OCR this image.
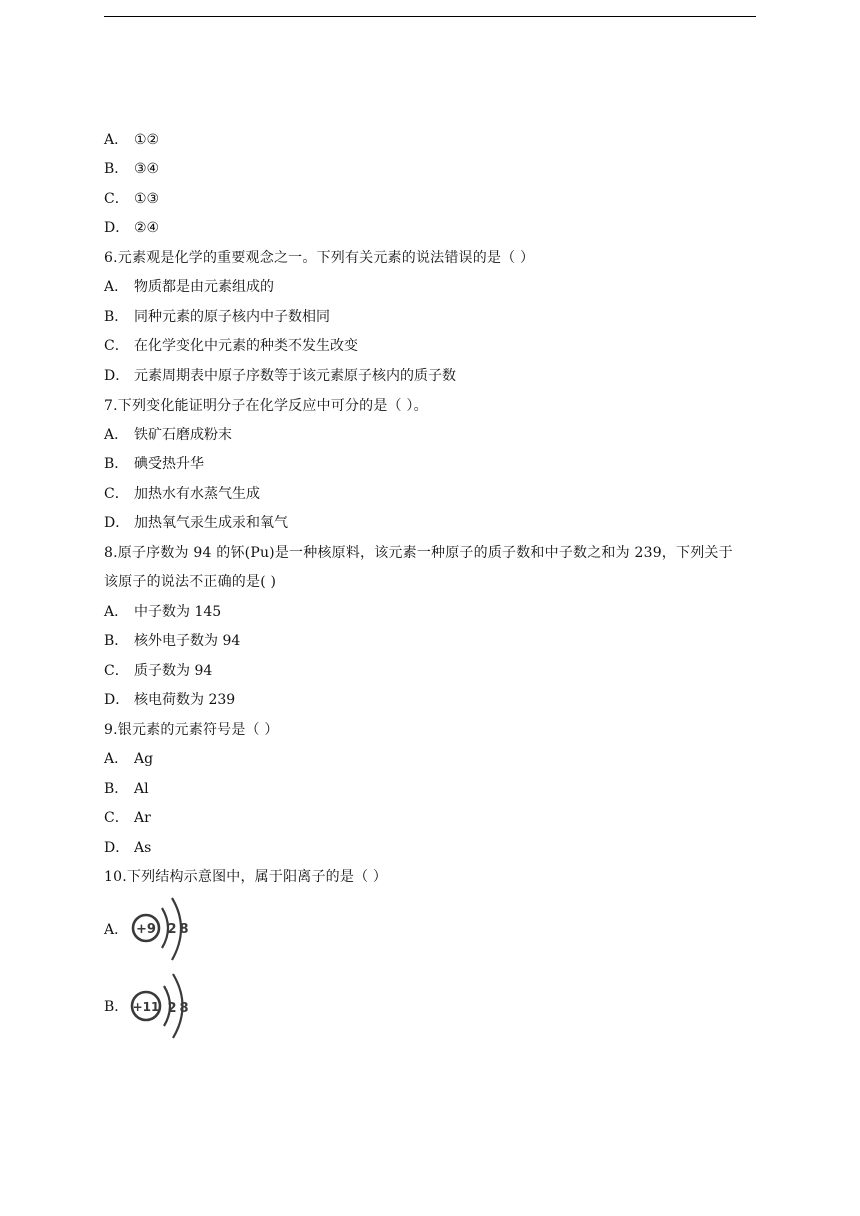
A． ①②
B． ③④
C． ①③
D． ②④
6.元素观是化学的重要观念之一。下列有关元素的说法错误的是（ ）
A． 物质都是由元素组成的
B． 同种元素的原子核内中子数相同
C． 在化学变化中元素的种类不发生改变
D． 元素周期表中原子序数等于该元素原子核内的质子数
7.下列变化能证明分子在化学反应中可分的是（ ）。
A． 铁矿石磨成粉末
B． 碘受热升华
C． 加热水有水蒸气生成
D． 加热氧气汞生成汞和氧气
8.原子序数为 94 的钚(Pu)是一种核原料，该元素一种原子的质子数和中子数之和为 239，下列关于
该原子的说法不正确的是( )
A． 中子数为 145
B． 核外电子数为 94
C． 质子数为 94
D． 核电荷数为 239
9.银元素的元素符号是（ ）
A． Ag
B． Al
C． Ar
D． As
10.下列结构示意图中，属于阳离子的是（ ）
A． +9 2 8
B． +11 2 8
